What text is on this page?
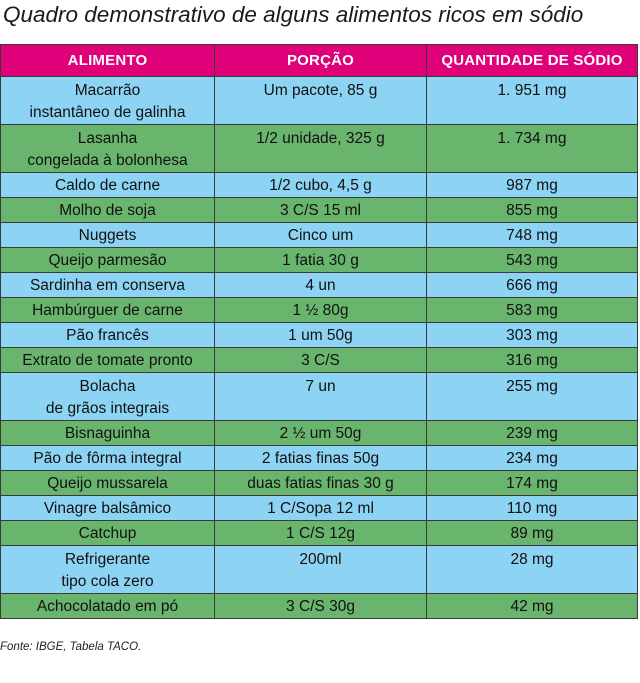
Quadro demonstrativo de alguns alimentos ricos em sódio
ALIMENTO	PORÇÃO	QUANTIDADE DE SÓDIO
Macarrão
instantâneo de galinha	Um pacote, 85 g	1. 951 mg
Lasanha
congelada à bolonhesa	1/2 unidade, 325 g	1. 734 mg
Caldo de carne	1/2 cubo, 4,5 g	987 mg
Molho de soja	3 C/S 15 ml	855 mg
Nuggets	Cinco um	748 mg
Queijo parmesão	1 fatia 30 g	543 mg
Sardinha em conserva	4 un	666 mg
Hambúrguer de carne	1 ½ 80g	583 mg
Pão francês	1 um 50g	303 mg
Extrato de tomate pronto	3 C/S	316 mg
Bolacha
de grãos integrais	7 un	255 mg
Bisnaguinha	2 ½ um 50g	239 mg
Pão de fôrma integral	2 fatias finas 50g	234 mg
Queijo mussarela	duas fatias finas 30 g	174 mg
Vinagre balsâmico	1 C/Sopa 12 ml	110 mg
Catchup	1 C/S 12g	89 mg
Refrigerante
tipo cola zero	200ml	28 mg
Achocolatado em pó	3 C/S 30g	42 mg
Fonte: IBGE, Tabela TACO.
